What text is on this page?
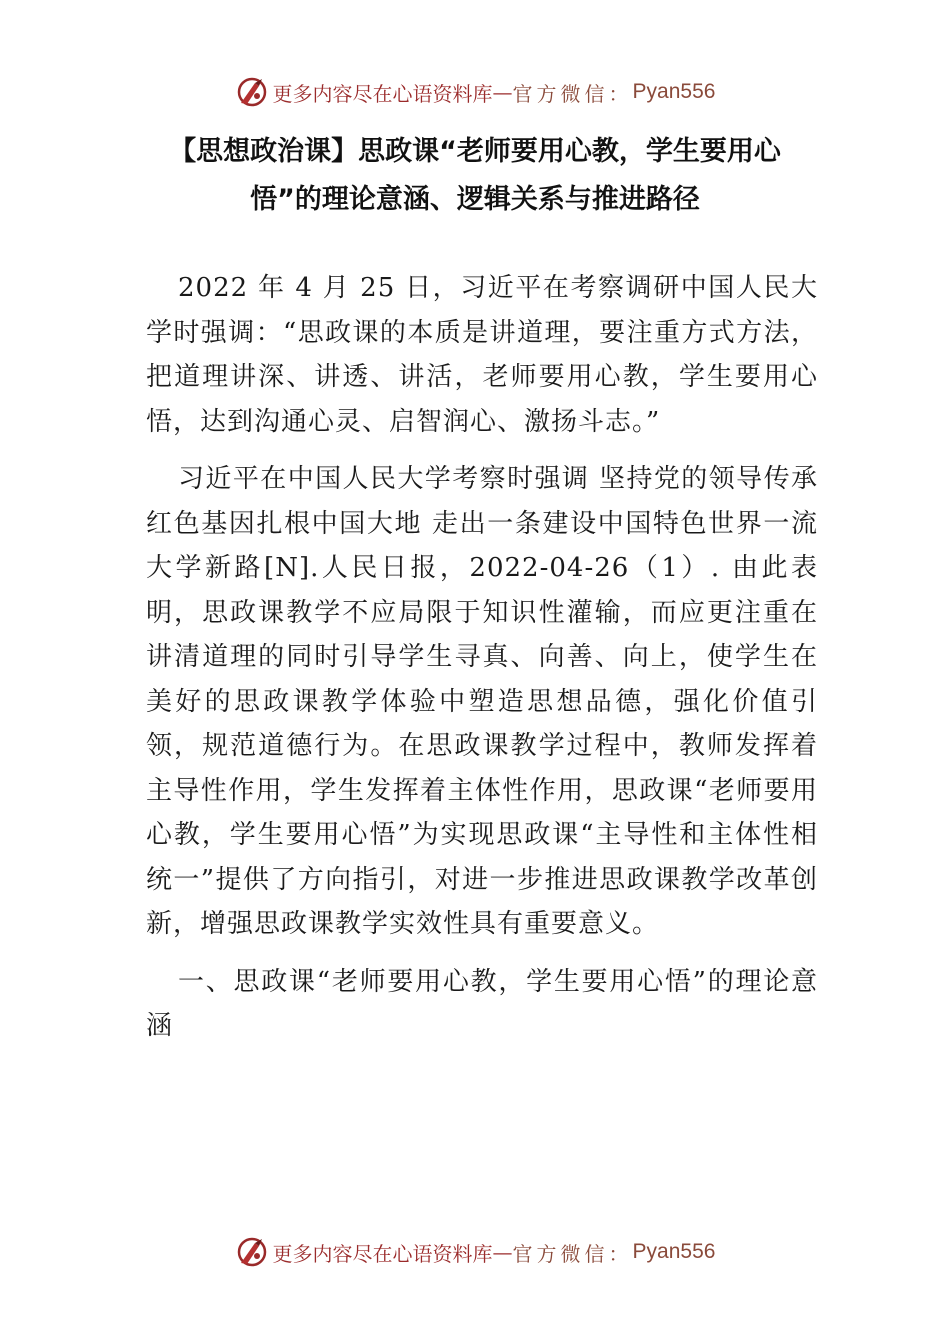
更多内容尽在心语资料库 — 官方微信： Pyan556
【思想政治课】思政课“老师要用心教，学生要用心
悟”的理论意涵、逻辑关系与推进路径

2022 年 4 月 25 日，习近平在考察调研中国人民大学时强调：“思政课的本质是讲道理，要注重方式方法，把道理讲深、讲透、讲活，老师要用心教，学生要用心悟，达到沟通心灵、启智润心、激扬斗志。”

习近平在中国人民大学考察时强调 坚持党的领导传承红色基因扎根中国大地 走出一条建设中国特色世界一流大学新路[N].人民日报，2022-04-26（1）. 由此表明，思政课教学不应局限于知识性灌输，而应更注重在讲清道理的同时引导学生寻真、向善、向上，使学生在美好的思政课教学体验中塑造思想品德，强化价值引领，规范道德行为。在思政课教学过程中，教师发挥着主导性作用，学生发挥着主体性作用，思政课“老师要用心教，学生要用心悟”为实现思政课“主导性和主体性相统一”提供了方向指引，对进一步推进思政课教学改革创新，增强思政课教学实效性具有重要意义。

一、思政课“老师要用心教，学生要用心悟”的理论意涵

更多内容尽在心语资料库 — 官方微信： Pyan556
